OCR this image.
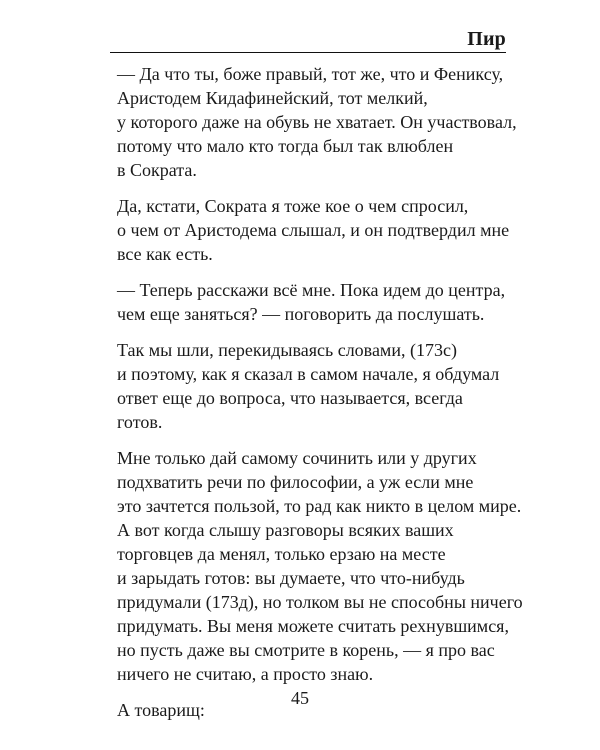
Пир

— Да что ты, боже правый, тот же, что и Фениксу,
Аристодем Кидафинейский, тот мелкий,
у которого даже на обувь не хватает. Он участвовал,
потому что мало кто тогда был так влюблен
в Сократа.

Да, кстати, Сократа я тоже кое о чем спросил,
о чем от Аристодема слышал, и он подтвердил мне
все как есть.

— Теперь расскажи всё мне. Пока идем до центра,
чем еще заняться? — поговорить да послушать.

Так мы шли, перекидываясь словами, (173c)
и поэтому, как я сказал в самом начале, я обдумал
ответ еще до вопроса, что называется, всегда
готов.

Мне только дай самому сочинить или у других
подхватить речи по философии, а уж если мне
это зачтется пользой, то рад как никто в целом мире.
А вот когда слышу разговоры всяких ваших
торговцев да менял, только ерзаю на месте
и зарыдать готов: вы думаете, что что-нибудь
придумали (173д), но толком вы не способны ничего
придумать. Вы меня можете считать рехнувшимся,
но пусть даже вы смотрите в корень, — я про вас
ничего не считаю, а просто знаю.

А товарищ:

45
